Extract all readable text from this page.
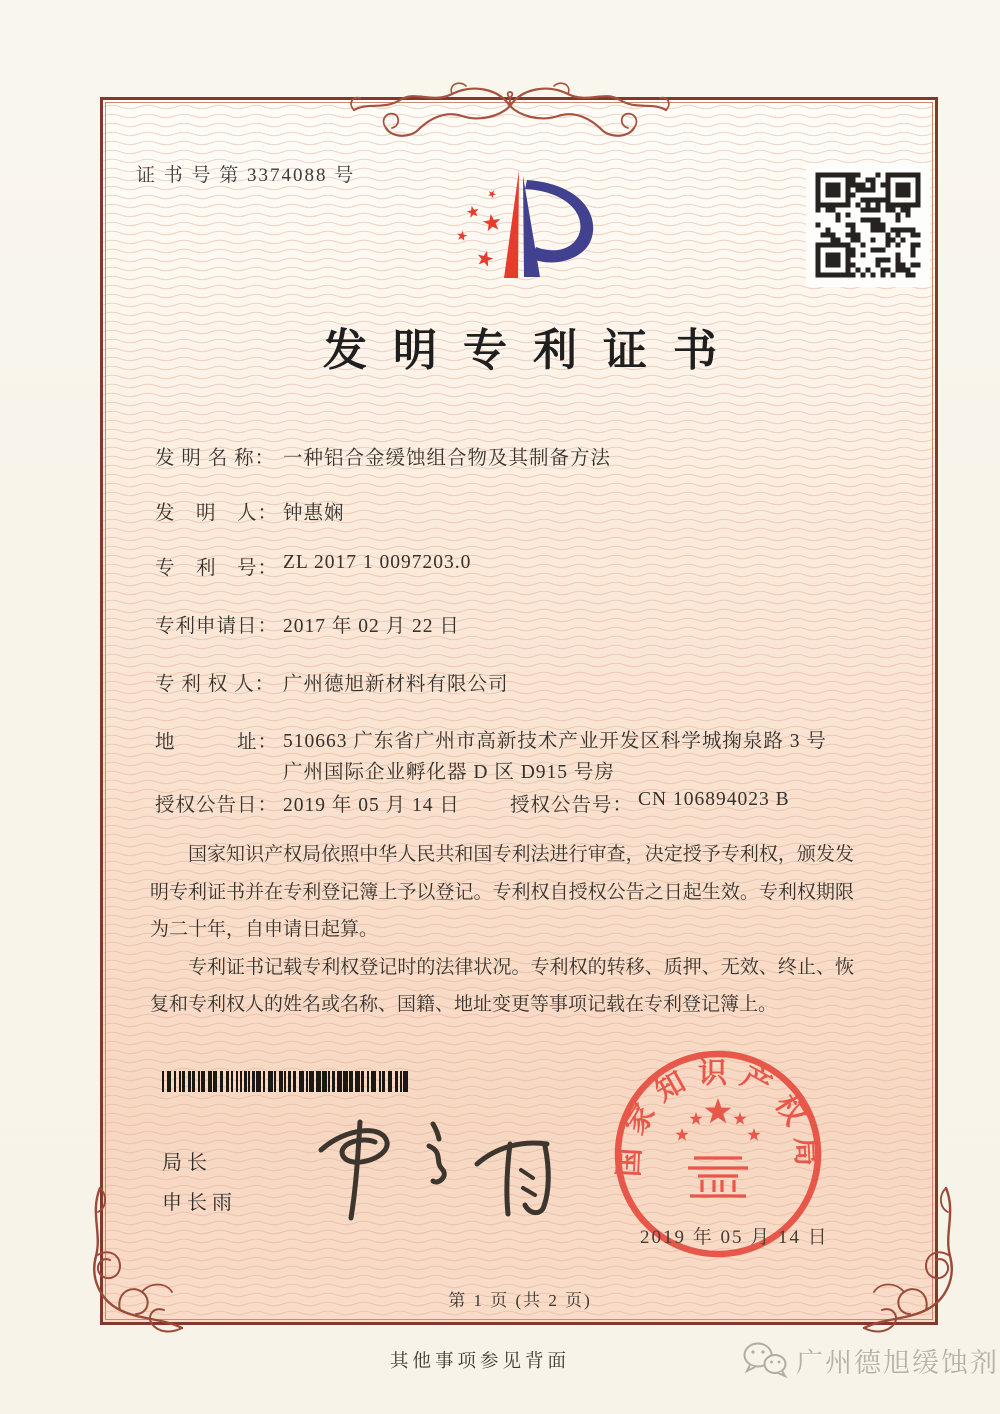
证 书 号 第 3374088 号
发明专利证书
发 明 名 称： 一种铝合金缓蚀组合物及其制备方法
发　明　人： 钟惠娴
专　利　号： ZL 2017 1 0097203.0
专利申请日： 2017 年 02 月 22 日
专 利 权 人： 广州德旭新材料有限公司
地　　　址： 510663 广东省广州市高新技术产业开发区科学城掬泉路 3 号广州国际企业孵化器 D 区 D915 号房
授权公告日： 2019 年 05 月 14 日	授权公告号： CN 106894023 B

国家知识产权局依照中华人民共和国专利法进行审查，决定授予专利权，颁发发明专利证书并在专利登记簿上予以登记。专利权自授权公告之日起生效。专利权期限为二十年，自申请日起算。

专利证书记载专利权登记时的法律状况。专利权的转移、质押、无效、终止、恢复和专利权人的姓名或名称、国籍、地址变更等事项记载在专利登记簿上。

局长
申长雨
国家知识产权局
2019 年 05 月 14 日
第 1 页 (共 2 页)
其他事项参见背面	广州德旭缓蚀剂
